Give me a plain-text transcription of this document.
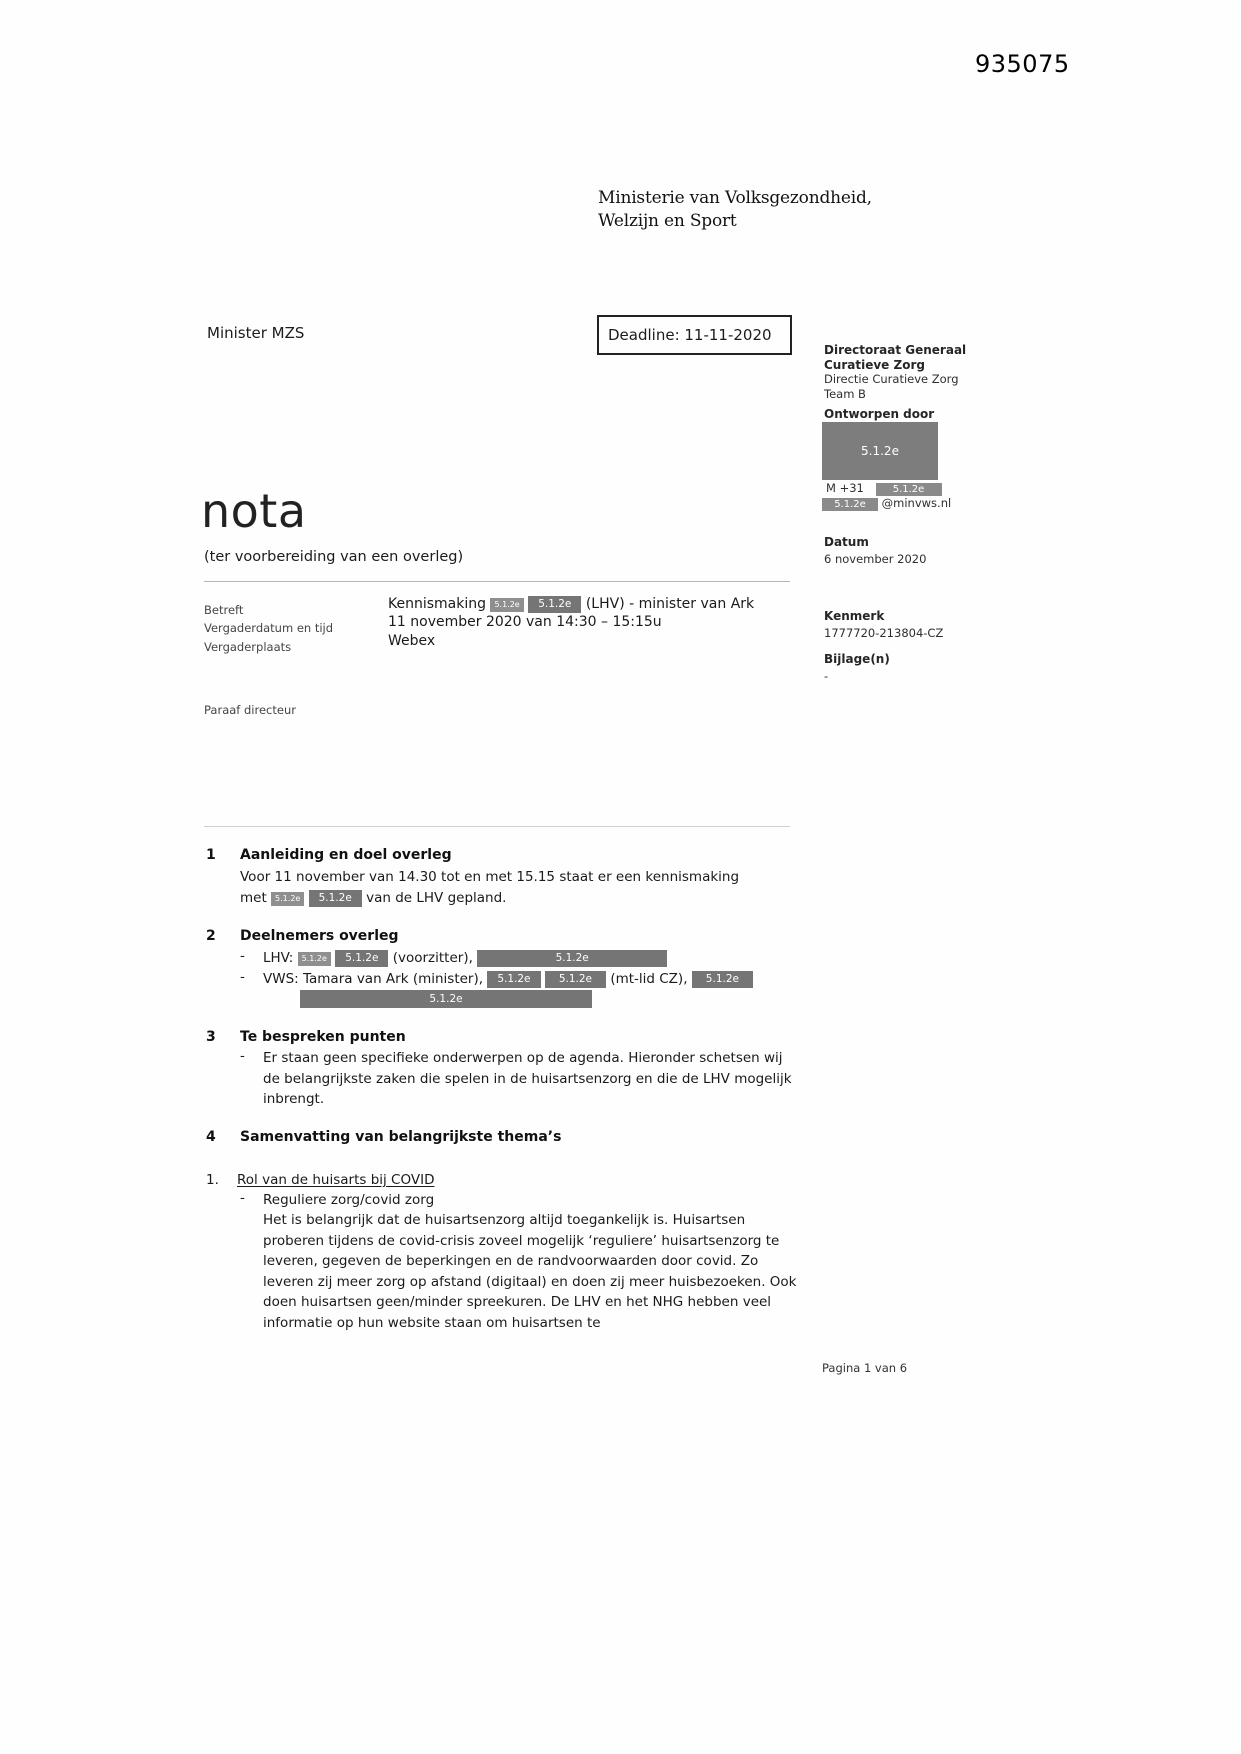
935075
Ministerie van Volksgezondheid,
Welzijn en Sport
Minister MZS	Deadline: 11-11-2020
Directoraat Generaal
Curatieve Zorg
Directie Curatieve Zorg
Team B
Ontworpen door
5.1.2e
M +31	5.1.2e
5.1.2e @minvws.nl
Datum
6 november 2020
Kenmerk
1777720-213804-CZ
Bijlage(n)
-
nota
(ter voorbereiding van een overleg)
Betreft	Kennismaking 5.1.2e 5.1.2e (LHV) - minister van Ark
Vergaderdatum en tijd	11 november 2020 van 14:30 – 15:15u
Vergaderplaats	Webex
Paraaf directeur
1 Aanleiding en doel overleg
Voor 11 november van 14.30 tot en met 15.15 staat er een kennismaking
met 5.1.2e 5.1.2e van de LHV gepland.
2 Deelnemers overleg
- LHV: 5.1.2e 5.1.2e (voorzitter),	5.1.2e
- VWS: Tamara van Ark (minister), 5.1.2e	5.1.2e (mt-lid CZ), 5.1.2e
5.1.2e
3 Te bespreken punten
- Er staan geen specifieke onderwerpen op de agenda. Hieronder schetsen wij de belangrijkste zaken die spelen in de huisartsenzorg en die de LHV mogelijk inbrengt.
4 Samenvatting van belangrijkste thema’s
1. Rol van de huisarts bij COVID
- Reguliere zorg/covid zorg
Het is belangrijk dat de huisartsenzorg altijd toegankelijk is. Huisartsen proberen tijdens de covid-crisis zoveel mogelijk ‘reguliere’ huisartsenzorg te leveren, gegeven de beperkingen en de randvoorwaarden door covid. Zo leveren zij meer zorg op afstand (digitaal) en doen zij meer huisbezoeken. Ook doen huisartsen geen/minder spreekuren. De LHV en het NHG hebben veel informatie op hun website staan om huisartsen te
Pagina 1 van 6
